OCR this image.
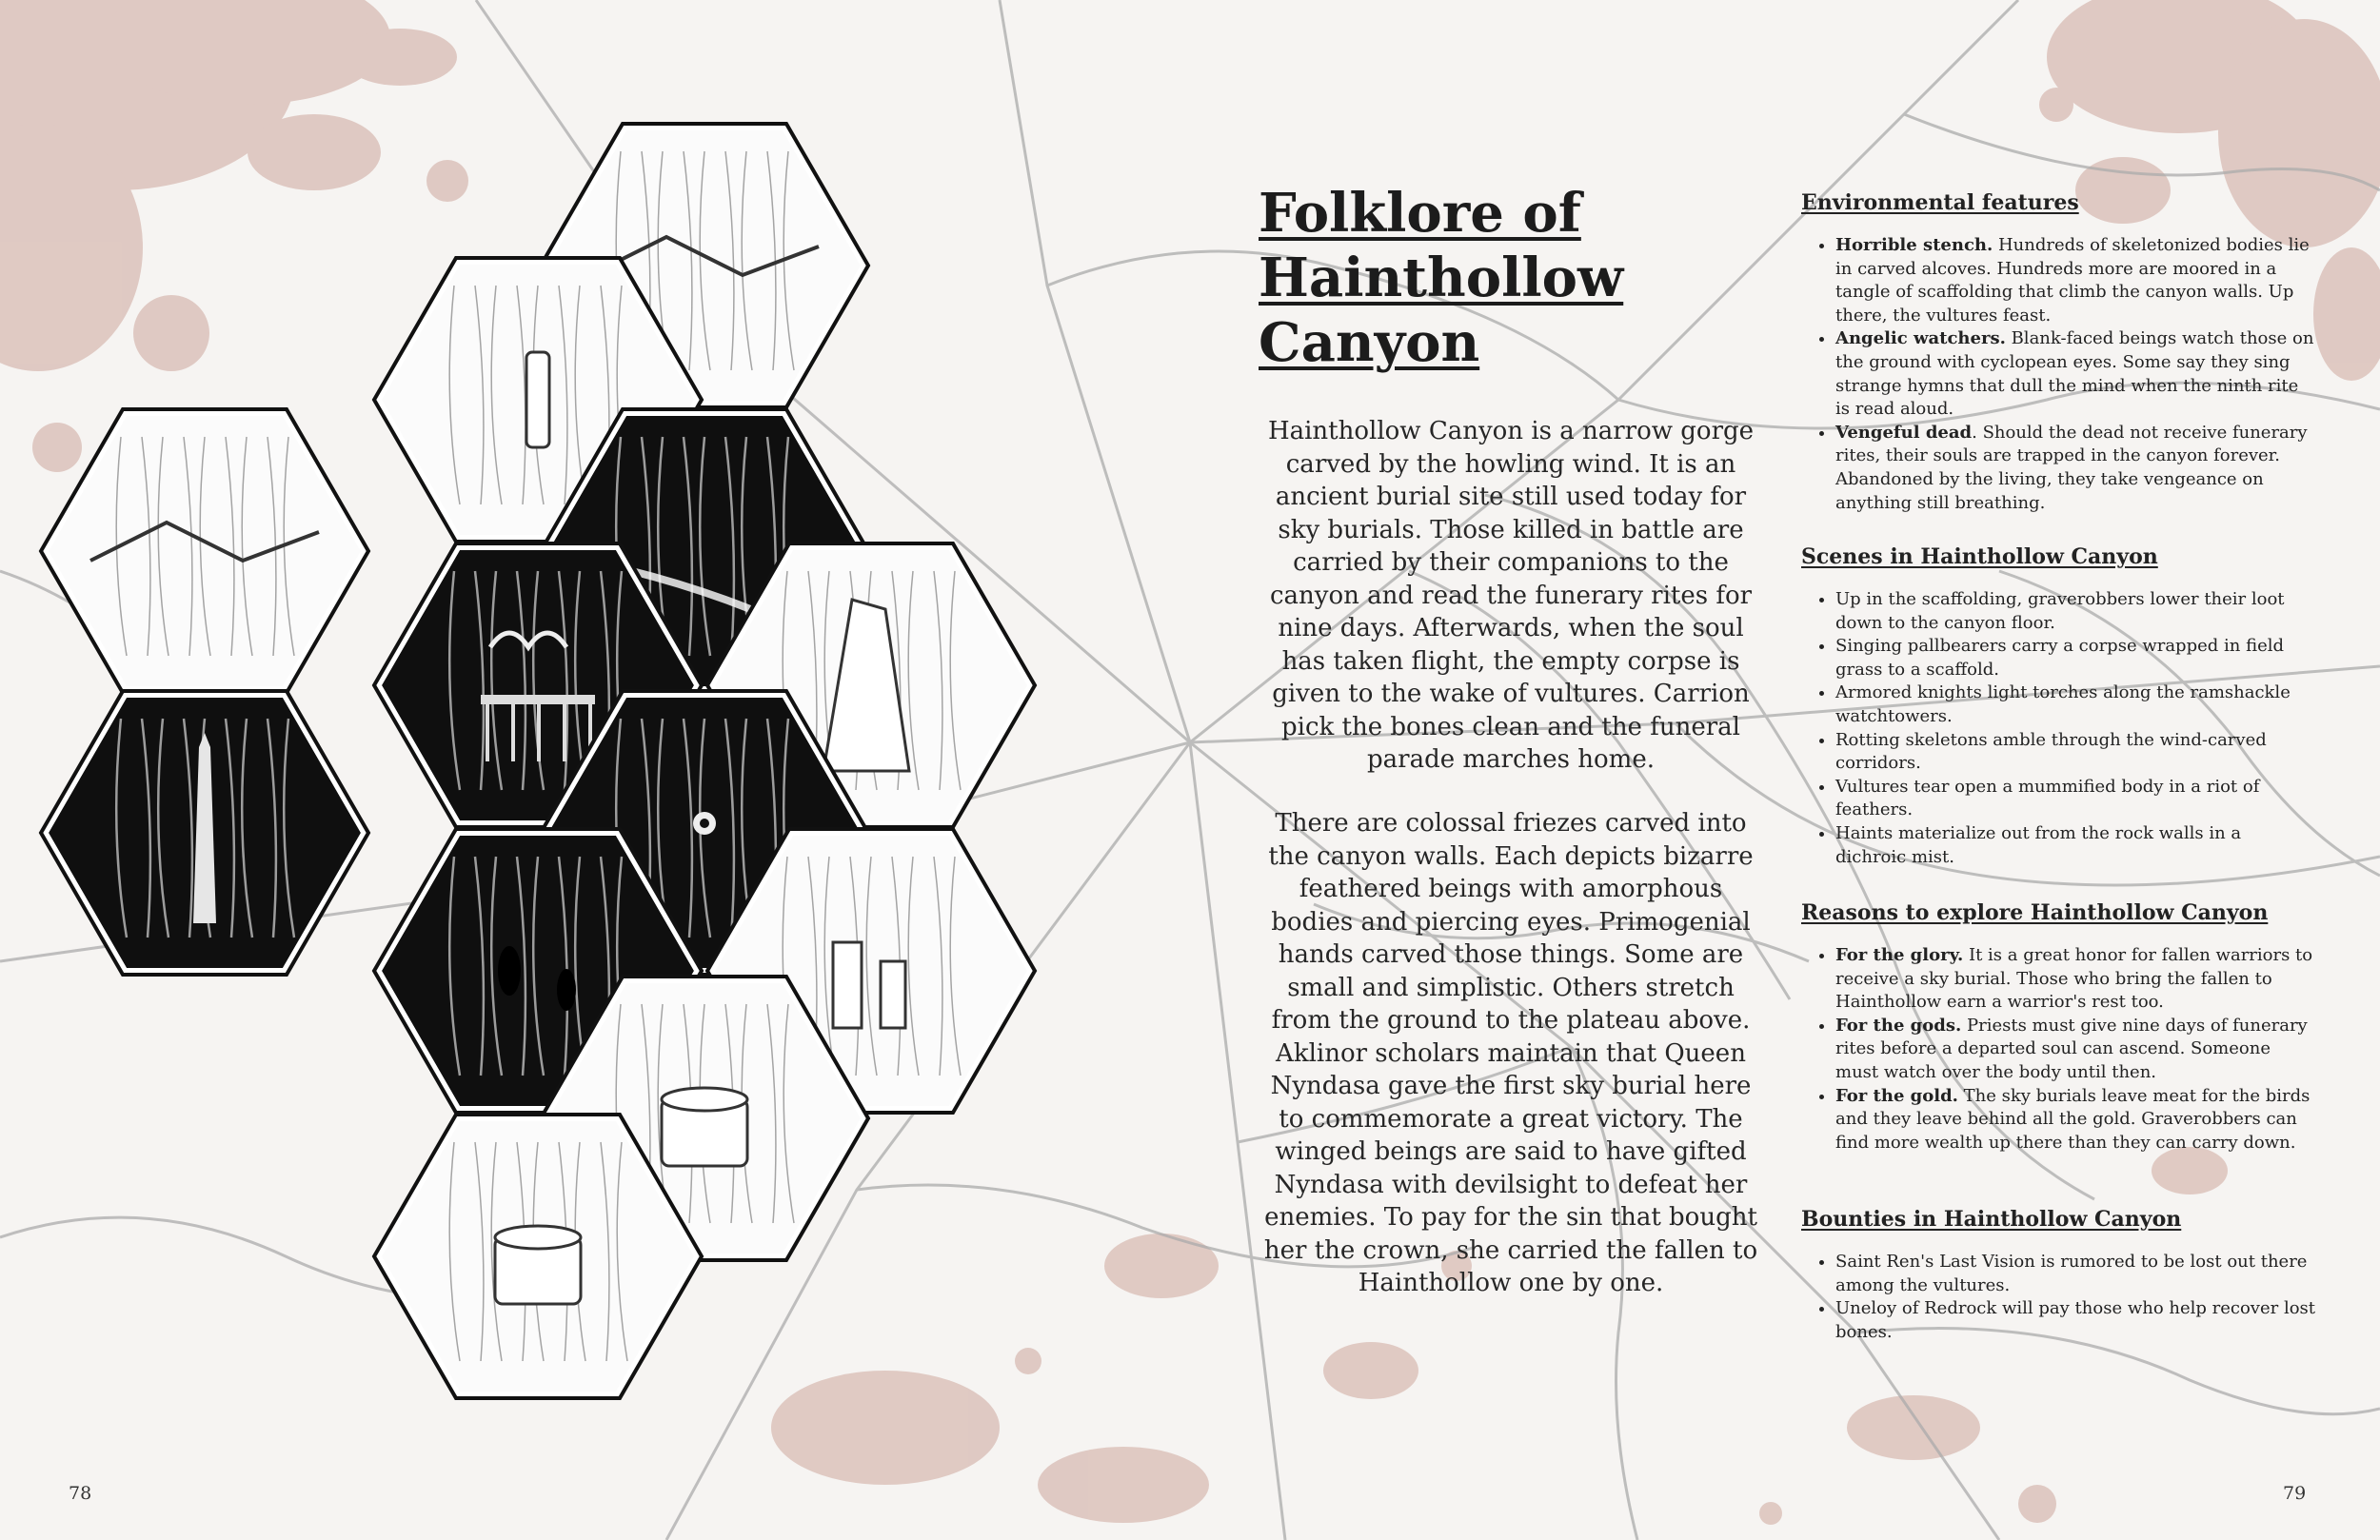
Folklore of
Hainthollow
Canyon

Hainthollow Canyon is a narrow gorge carved by the howling wind. It is an ancient burial site still used today for sky burials. Those killed in battle are carried by their companions to the canyon and read the funerary rites for nine days. Afterwards, when the soul has taken flight, the empty corpse is given to the wake of vultures. Carrion pick the bones clean and the funeral parade marches home.

There are colossal friezes carved into the canyon walls. Each depicts bizarre feathered beings with amorphous bodies and piercing eyes. Primogenial hands carved those things. Some are small and simplistic. Others stretch from the ground to the plateau above. Aklinor scholars maintain that Queen Nyndasa gave the first sky burial here to commemorate a great victory. The winged beings are said to have gifted Nyndasa with devilsight to defeat her enemies. To pay for the sin that bought her the crown, she carried the fallen to Hainthollow one by one.

Environmental features
• Horrible stench. Hundreds of skeletonized bodies lie in carved alcoves. Hundreds more are moored in a tangle of scaffolding that climb the canyon walls. Up there, the vultures feast.
• Angelic watchers. Blank-faced beings watch those on the ground with cyclopean eyes. Some say they sing strange hymns that dull the mind when the ninth rite is read aloud.
• Vengeful dead. Should the dead not receive funerary rites, their souls are trapped in the canyon forever. Abandoned by the living, they take vengeance on anything still breathing.
Scenes in Hainthollow Canyon
• Up in the scaffolding, graverobbers lower their loot down to the canyon floor.
• Singing pallbearers carry a corpse wrapped in field grass to a scaffold.
• Armored knights light torches along the ramshackle watchtowers.
• Rotting skeletons amble through the wind-carved corridors.
• Vultures tear open a mummified body in a riot of feathers.
• Haints materialize out from the rock walls in a dichroic mist.
Reasons to explore Hainthollow Canyon
• For the glory. It is a great honor for fallen warriors to receive a sky burial. Those who bring the fallen to Hainthollow earn a warrior's rest too.
• For the gods. Priests must give nine days of funerary rites before a departed soul can ascend. Someone must watch over the body until then.
• For the gold. The sky burials leave meat for the birds and they leave behind all the gold. Graverobbers can find more wealth up there than they can carry down.
Bounties in Hainthollow Canyon
• Saint Ren's Last Vision is rumored to be lost out there among the vultures.
• Uneloy of Redrock will pay those who help recover lost bones.
78	79
